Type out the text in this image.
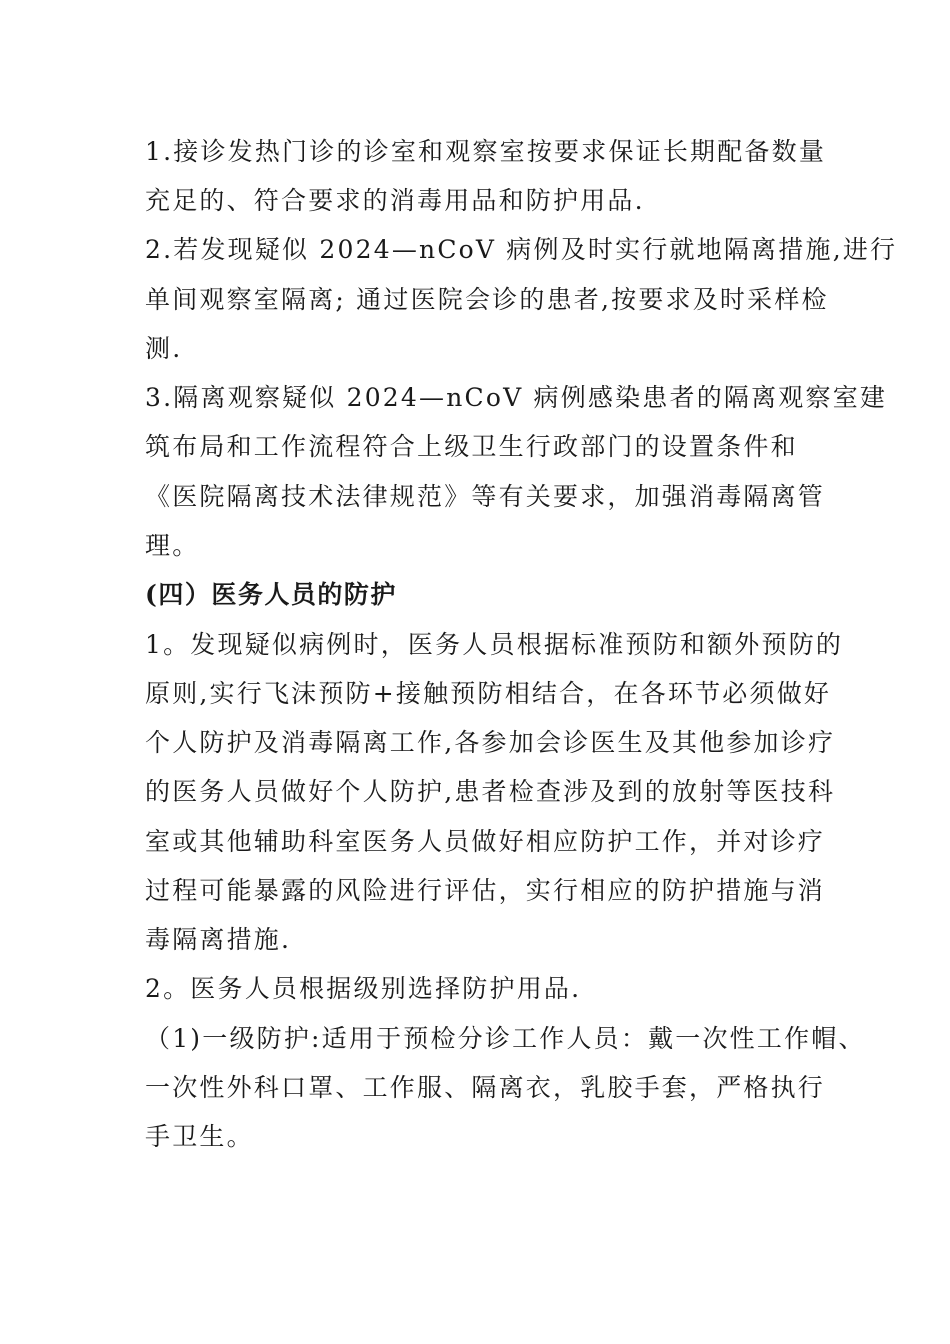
1.接诊发热门诊的诊室和观察室按要求保证长期配备数量
充足的、符合要求的消毒用品和防护用品.
2.若发现疑似 2024—nCoV 病例及时实行就地隔离措施,进行
单间观察室隔离; 通过医院会诊的患者,按要求及时采样检
测.
3.隔离观察疑似 2024—nCoV 病例感染患者的隔离观察室建
筑布局和工作流程符合上级卫生行政部门的设置条件和
《医院隔离技术法律规范》等有关要求，加强消毒隔离管
理。
(四）医务人员的防护
1。发现疑似病例时，医务人员根据标准预防和额外预防的
原则,实行飞沫预防+接触预防相结合，在各环节必须做好
个人防护及消毒隔离工作,各参加会诊医生及其他参加诊疗
的医务人员做好个人防护,患者检查涉及到的放射等医技科
室或其他辅助科室医务人员做好相应防护工作，并对诊疗
过程可能暴露的风险进行评估，实行相应的防护措施与消
毒隔离措施.
2。医务人员根据级别选择防护用品.
（1)一级防护:适用于预检分诊工作人员：戴一次性工作帽、
一次性外科口罩、工作服、隔离衣，乳胶手套，严格执行
手卫生。
